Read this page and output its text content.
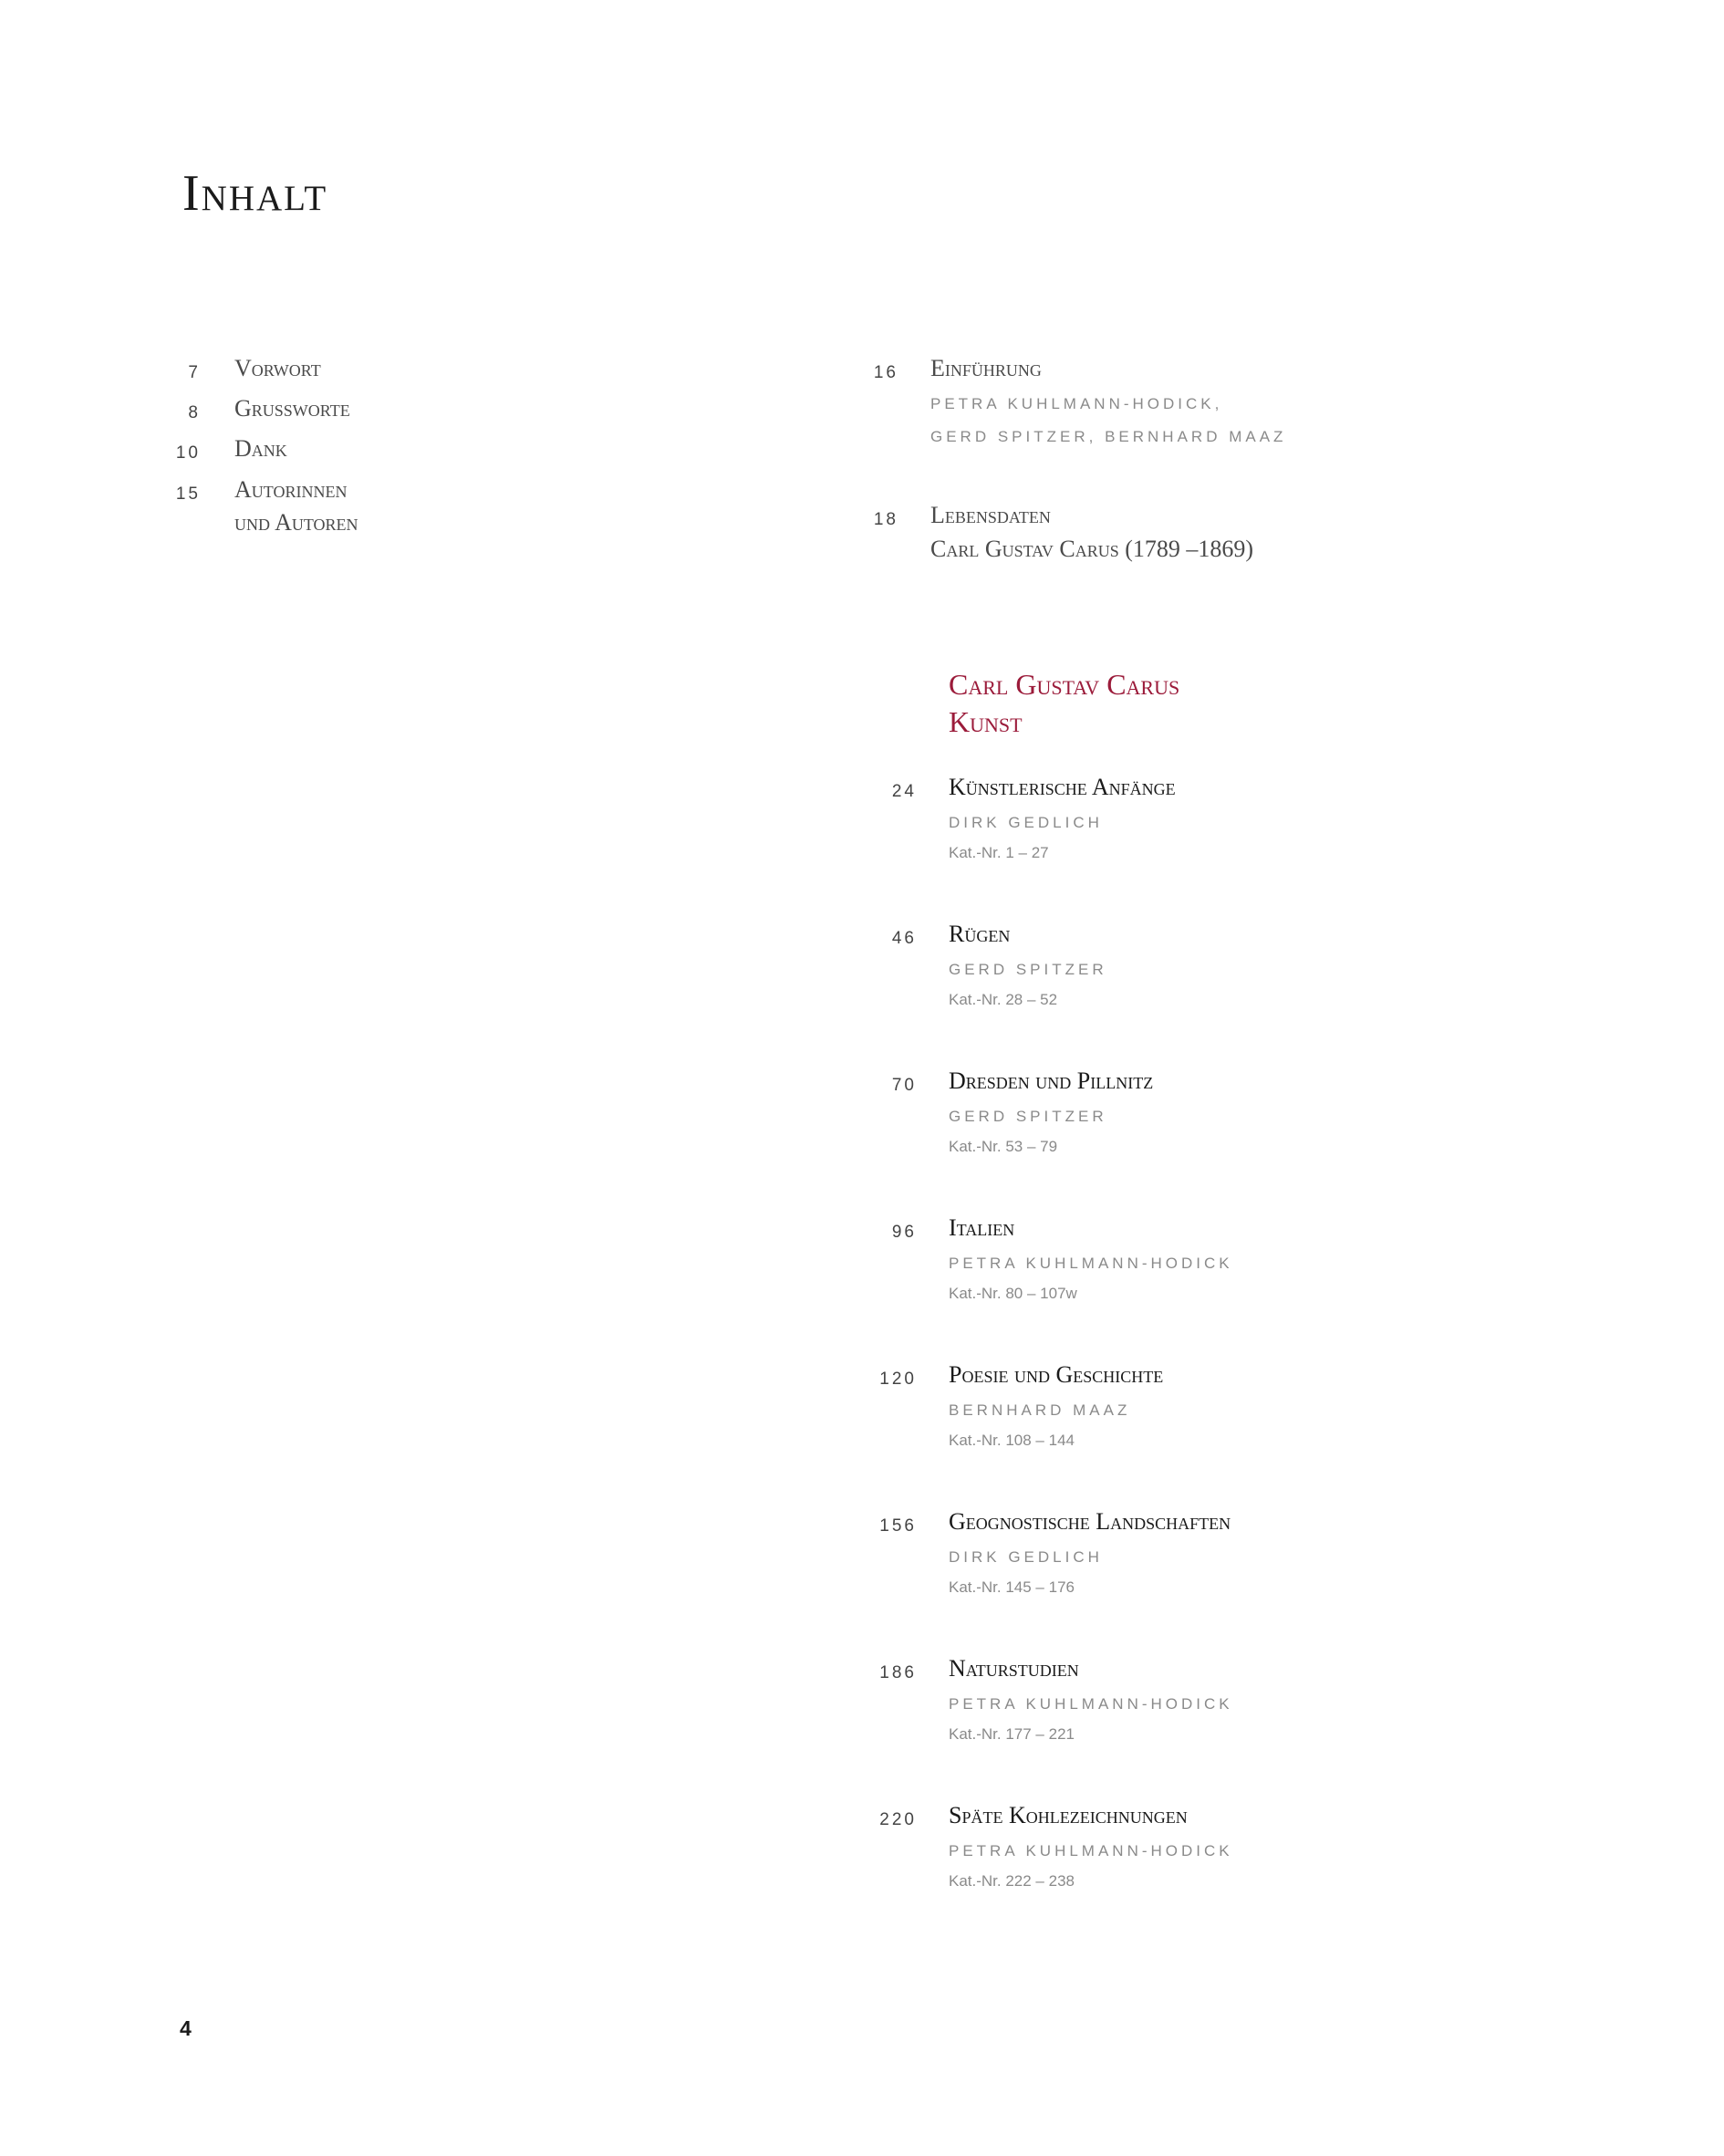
Inhalt
7 Vorwort
8 Grussworte
10 Dank
15 Autorinnen
und Autoren
16 Einführung
PETRA KUHLMANN-HODICK,
GERD SPITZER, BERNHARD MAAZ
18 Lebensdaten
Carl Gustav Carus (1789 –1869)
Carl Gustav Carus
Kunst
24 Künstlerische Anfänge
DIRK GEDLICH
Kat.-Nr. 1 – 27
46 Rügen
GERD SPITZER
Kat.-Nr. 28 – 52
70 Dresden und Pillnitz
GERD SPITZER
Kat.-Nr. 53 – 79
96 Italien
PETRA KUHLMANN-HODICK
Kat.-Nr. 80 – 107w
120 Poesie und Geschichte
BERNHARD MAAZ
Kat.-Nr. 108 – 144
156 Geognostische Landschaften
DIRK GEDLICH
Kat.-Nr. 145 – 176
186 Naturstudien
PETRA KUHLMANN-HODICK
Kat.-Nr. 177 – 221
220 Späte Kohlezeichnungen
PETRA KUHLMANN-HODICK
Kat.-Nr. 222 – 238
4
